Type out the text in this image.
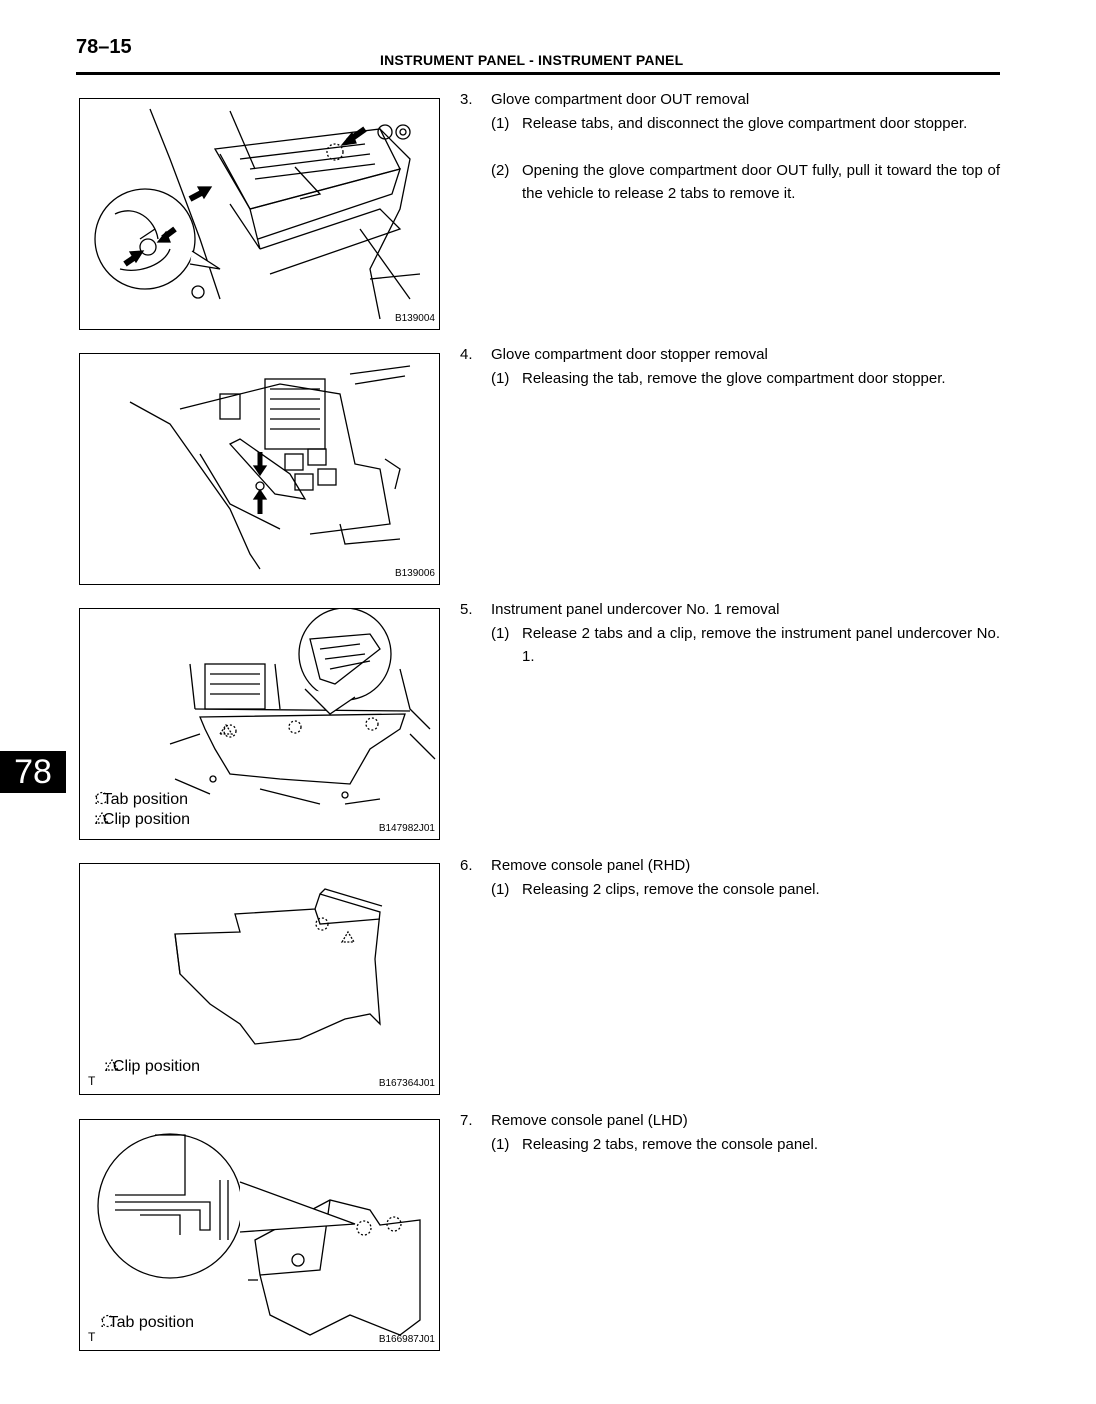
78–15
INSTRUMENT PANEL - INSTRUMENT PANEL
78
B139004
B139006
: Tab position
: Clip position
B147982J01
: Clip position
T	B167364J01
: Tab position
T	B166987J01
3. Glove compartment door OUT removal
(1) Release tabs, and disconnect the glove compartment door stopper.
(2) Opening the glove compartment door OUT fully, pull it toward the top of the vehicle to release 2 tabs to remove it.
4. Glove compartment door stopper removal
(1) Releasing the tab, remove the glove compartment door stopper.
5. Instrument panel undercover No. 1 removal
(1) Release 2 tabs and a clip, remove the instrument panel undercover No. 1.
6. Remove console panel (RHD)
(1) Releasing 2 clips, remove the console panel.
7. Remove console panel (LHD)
(1) Releasing 2 tabs, remove the console panel.
